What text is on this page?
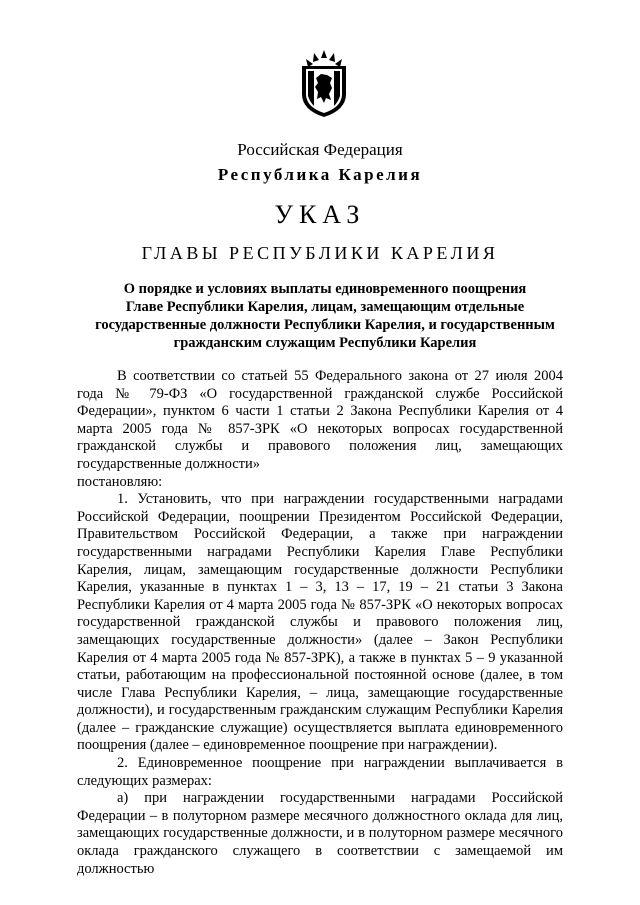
Российская Федерация
Республика Карелия
УКАЗ
ГЛАВЫ РЕСПУБЛИКИ КАРЕЛИЯ
О порядке и условиях выплаты единовременного поощрения
Главе Республики Карелия, лицам, замещающим отдельные
государственные должности Республики Карелия, и государственным
гражданским служащим Республики Карелия

В соответствии со статьей 55 Федерального закона от 27 июля 2004 года № 79-ФЗ «О государственной гражданской службе Российской Федерации», пунктом 6 части 1 статьи 2 Закона Республики Карелия от 4 марта 2005 года № 857-ЗРК «О некоторых вопросах государственной гражданской службы и правового положения лиц, замещающих государственные должности»

постановляю:

1. Установить, что при награждении государственными наградами Российской Федерации, поощрении Президентом Российской Федерации, Правительством Российской Федерации, а также при награждении государственными наградами Республики Карелия Главе Республики Карелия, лицам, замещающим государственные должности Республики Карелия, указанные в пунктах 1 – 3, 13 – 17, 19 – 21 статьи 3 Закона Республики Карелия от 4 марта 2005 года № 857-ЗРК «О некоторых вопросах государственной гражданской службы и правового положения лиц, замещающих государственные должности» (далее – Закон Республики Карелия от 4 марта 2005 года № 857-ЗРК), а также в пунктах 5 – 9 указанной статьи, работающим на профессиональной постоянной основе (далее, в том числе Глава Республики Карелия, – лица, замещающие государственные должности), и государственным гражданским служащим Республики Карелия (далее – гражданские служащие) осуществляется выплата единовременного поощрения (далее – единовременное поощрение при награждении).

2. Единовременное поощрение при награждении выплачивается в следующих размерах:

а) при награждении государственными наградами Российской Федерации – в полуторном размере месячного должностного оклада для лиц, замещающих государственные должности, и в полуторном размере месячного оклада гражданского служащего в соответствии с замещаемой им должностью
